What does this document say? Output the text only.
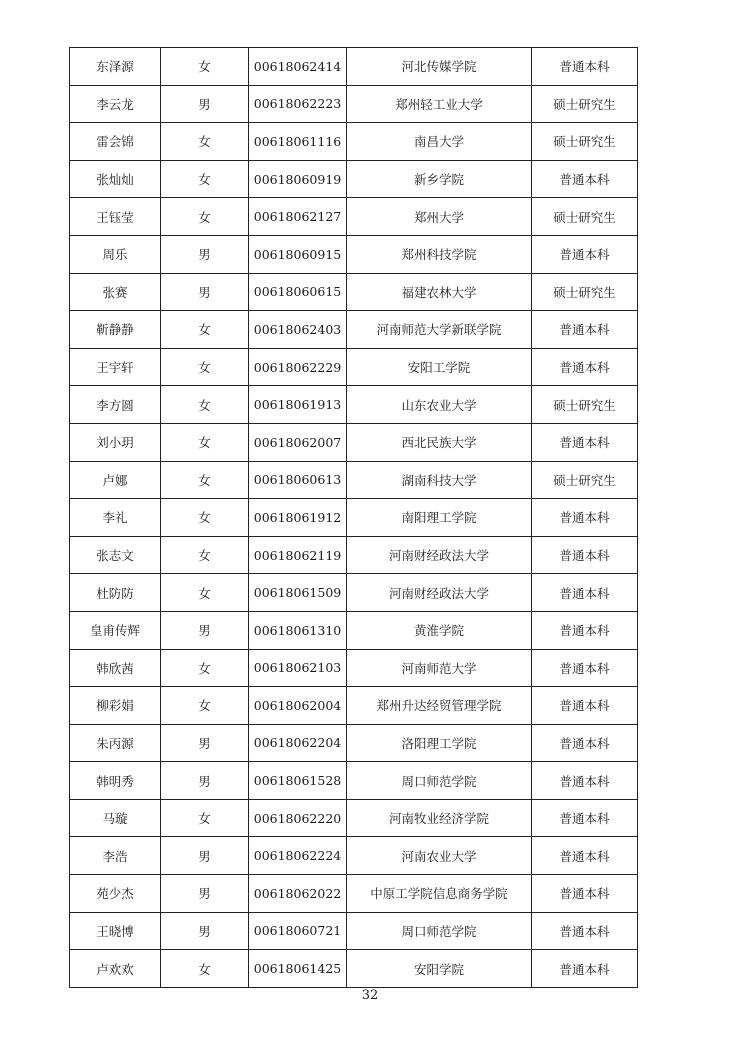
东泽源	女	00618062414	河北传媒学院	普通本科
李云龙	男	00618062223	郑州轻工业大学	硕士研究生
雷会锦	女	00618061116	南昌大学	硕士研究生
张灿灿	女	00618060919	新乡学院	普通本科
王钰莹	女	00618062127	郑州大学	硕士研究生
周乐	男	00618060915	郑州科技学院	普通本科
张赛	男	00618060615	福建农林大学	硕士研究生
靳静静	女	00618062403	河南师范大学新联学院	普通本科
王宇轩	女	00618062229	安阳工学院	普通本科
李方圆	女	00618061913	山东农业大学	硕士研究生
刘小玥	女	00618062007	西北民族大学	普通本科
卢娜	女	00618060613	湖南科技大学	硕士研究生
李礼	女	00618061912	南阳理工学院	普通本科
张志文	女	00618062119	河南财经政法大学	普通本科
杜防防	女	00618061509	河南财经政法大学	普通本科
皇甫传辉	男	00618061310	黄淮学院	普通本科
韩欣茜	女	00618062103	河南师范大学	普通本科
柳彩娟	女	00618062004	郑州升达经贸管理学院	普通本科
朱丙源	男	00618062204	洛阳理工学院	普通本科
韩明秀	男	00618061528	周口师范学院	普通本科
马璇	女	00618062220	河南牧业经济学院	普通本科
李浩	男	00618062224	河南农业大学	普通本科
苑少杰	男	00618062022	中原工学院信息商务学院	普通本科
王晓博	男	00618060721	周口师范学院	普通本科
卢欢欢	女	00618061425	安阳学院	普通本科
32
